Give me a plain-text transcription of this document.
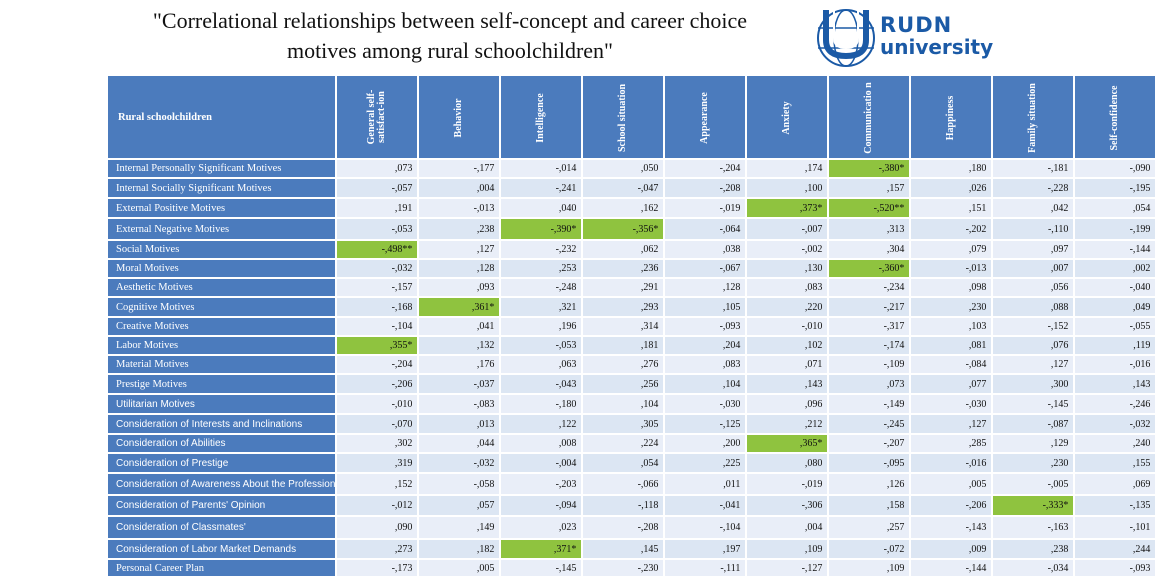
"Correlational relationships between self-concept and career choice
motives among rural schoolchildren"
RUDN
university
Rural schoolchildren	General self-satisfact-ion	Behavior	Intelligence	School situation	Appearance	Anxiety	Communicatio n	Happiness	Family situation	Self-confidence
Internal Personally Significant Motives	,073	-,177	-,014	,050	-,204	,174	-,380*	,180	-,181	-,090
Internal Socially Significant Motives	-,057	,004	-,241	-,047	-,208	,100	,157	,026	-,228	-,195
External Positive Motives	,191	-,013	,040	,162	-,019	,373*	-,520**	,151	,042	,054
External Negative Motives	-,053	,238	-,390*	-,356*	-,064	-,007	,313	-,202	-,110	-,199
Social Motives	-,498**	,127	-,232	,062	,038	-,002	,304	,079	,097	-,144
Moral Motives	-,032	,128	,253	,236	-,067	,130	-,360*	-,013	,007	,002
Aesthetic Motives	-,157	,093	-,248	,291	,128	,083	-,234	,098	,056	-,040
Cognitive Motives	-,168	,361*	,321	,293	,105	,220	-,217	,230	,088	,049
Creative Motives	-,104	,041	,196	,314	-,093	-,010	-,317	,103	-,152	-,055
Labor Motives	,355*	,132	-,053	,181	,204	,102	-,174	,081	,076	,119
Material Motives	-,204	,176	,063	,276	,083	,071	-,109	-,084	,127	-,016
Prestige Motives	-,206	-,037	-,043	,256	,104	,143	,073	,077	,300	,143
Utilitarian Motives	-,010	-,083	-,180	,104	-,030	,096	-,149	-,030	-,145	-,246
Consideration of Interests and Inclinations	-,070	,013	,122	,305	-,125	,212	-,245	,127	-,087	-,032
Consideration of Abilities	,302	,044	,008	,224	,200	,365*	-,207	,285	,129	,240
Consideration of Prestige	,319	-,032	-,004	,054	,225	,080	-,095	-,016	,230	,155
Consideration of Awareness About the Profession	,152	-,058	-,203	-,066	,011	-,019	,126	,005	-,005	,069
Consideration of Parents' Opinion	-,012	,057	-,094	-,118	-,041	-,306	,158	-,206	-,333*	-,135
Consideration of Classmates'	,090	,149	,023	-,208	-,104	,004	,257	-,143	-,163	-,101
Consideration of Labor Market Demands	,273	,182	,371*	,145	,197	,109	-,072	,009	,238	,244
Personal Career Plan	-,173	,005	-,145	-,230	-,111	-,127	,109	-,144	-,034	-,093
